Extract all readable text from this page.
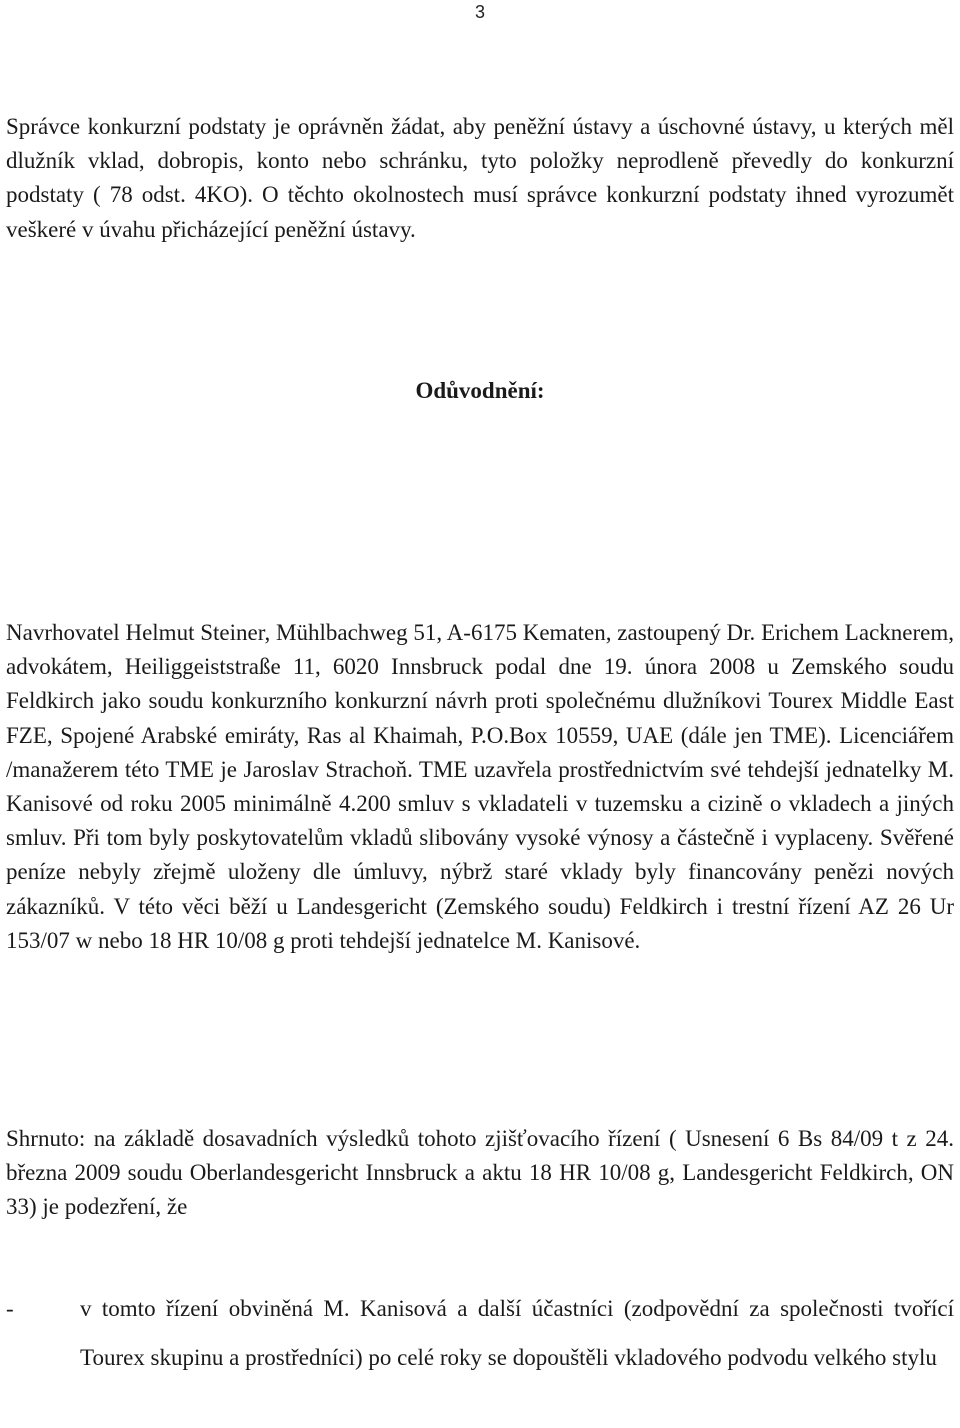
3

Správce konkurzní podstaty je oprávněn žádat, aby peněžní ústavy a úschovné ústavy, u kterých měl dlužník vklad, dobropis, konto nebo schránku, tyto položky neprodleně převedly do konkurzní podstaty ( 78 odst. 4KO). O těchto okolnostech musí správce konkurzní podstaty ihned vyrozumět veškeré v úvahu přicházející peněžní ústavy.

Odůvodnění:

Navrhovatel Helmut Steiner, Mühlbachweg 51, A-6175 Kematen, zastoupený Dr. Erichem Lacknerem, advokátem, Heiliggeiststraße 11, 6020 Innsbruck podal dne 19. února 2008 u Zemského soudu Feldkirch jako soudu konkurzního konkurzní návrh proti společnému dlužníkovi Tourex Middle East FZE, Spojené Arabské emiráty, Ras al Khaimah, P.O.Box 10559, UAE (dále jen TME). Licenciářem /manažerem této TME je Jaroslav Strachoň. TME uzavřela prostřednictvím své tehdejší jednatelky M. Kanisové od roku 2005 minimálně 4.200 smluv s vkladateli v tuzemsku a cizině o vkladech a jiných smluv. Při tom byly poskytovatelům vkladů slibovány vysoké výnosy a částečně i vyplaceny. Svěřené peníze nebyly zřejmě uloženy dle úmluvy, nýbrž staré vklady byly financovány penězi nových zákazníků. V této věci běží u Landesgericht (Zemského soudu) Feldkirch i trestní řízení AZ 26 Ur 153/07 w nebo 18 HR 10/08 g proti tehdejší jednatelce M. Kanisové.

Shrnuto: na základě dosavadních výsledků tohoto zjišťovacího řízení ( Usnesení 6 Bs 84/09 t z 24. března 2009 soudu Oberlandesgericht Innsbruck a aktu 18 HR 10/08 g, Landesgericht Feldkirch, ON 33) je podezření, že

-	v tomto řízení obviněná M. Kanisová a další účastníci (zodpovědní za společnosti tvořící Tourex skupinu a prostředníci) po celé roky se dopouštěli vkladového podvodu velkého stylu
